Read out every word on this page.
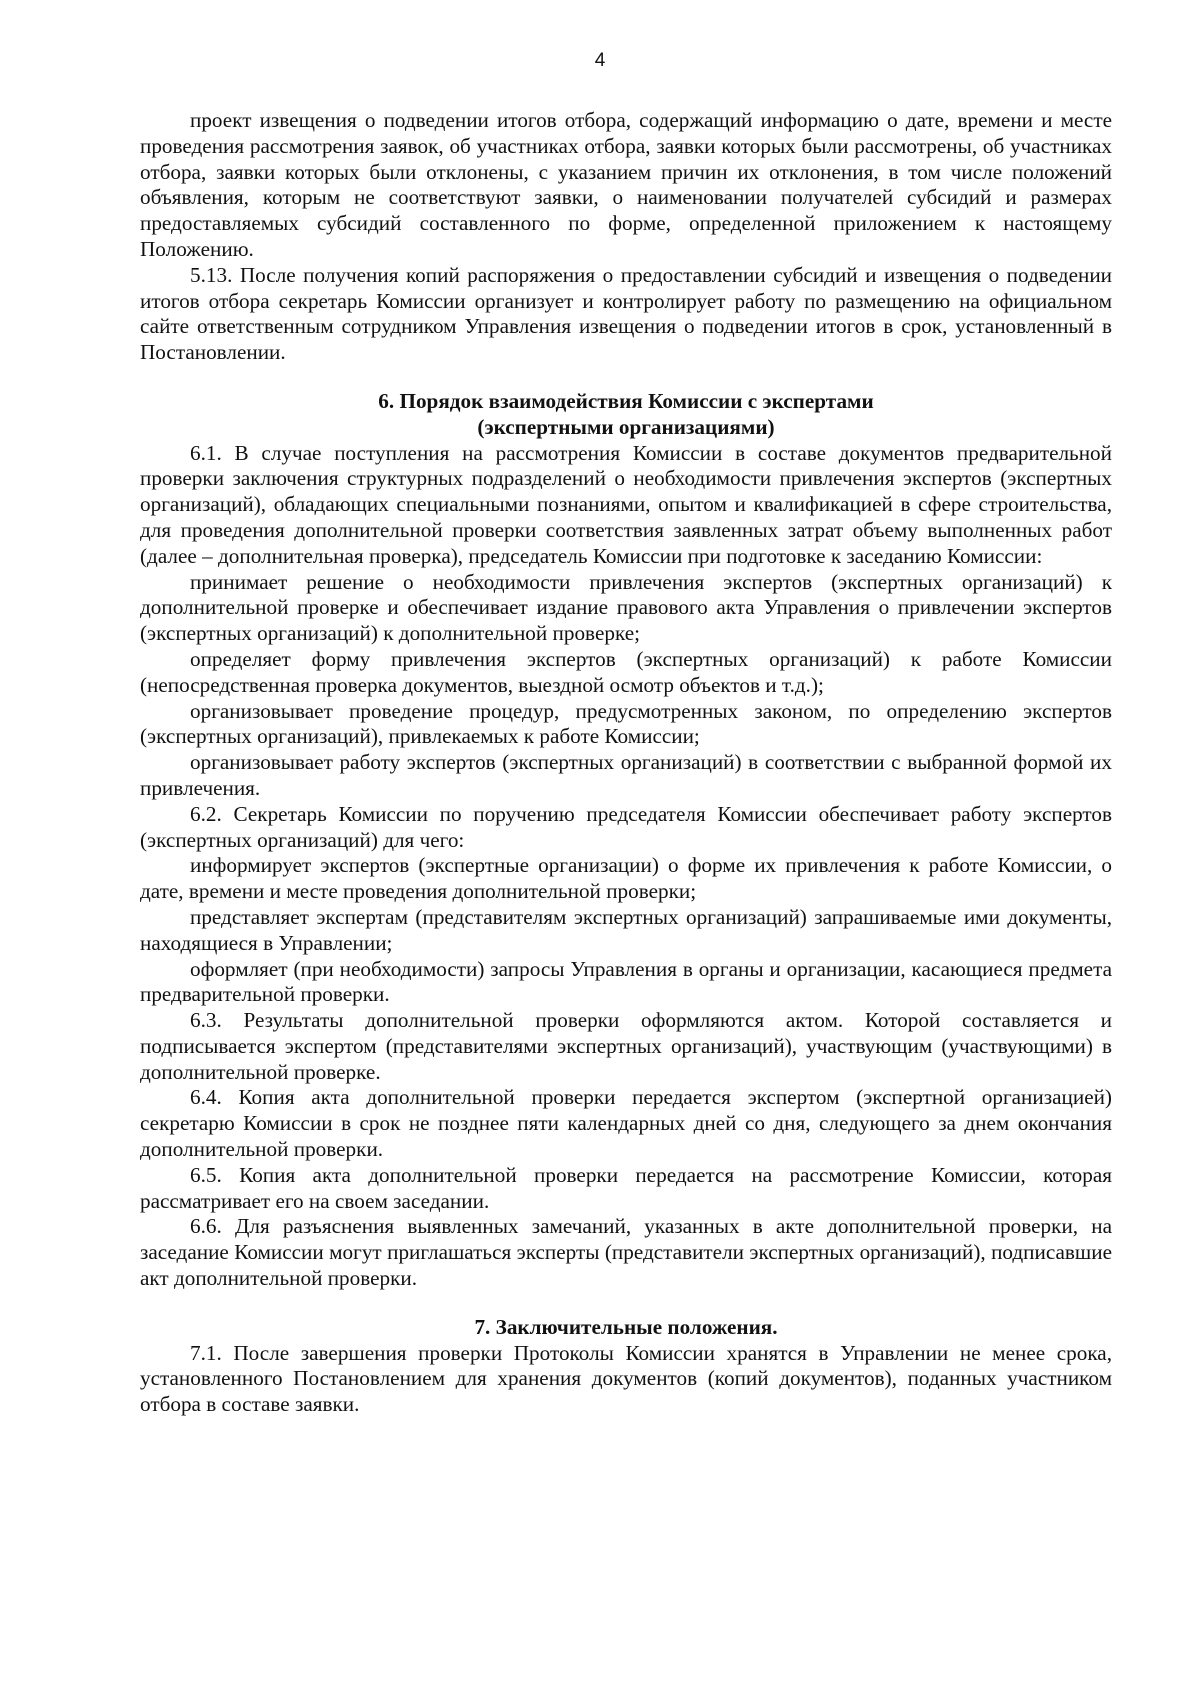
4

проект извещения о подведении итогов отбора, содержащий информацию о дате, времени и месте проведения рассмотрения заявок, об участниках отбора, заявки которых были рассмотрены, об участниках отбора, заявки которых были отклонены, с указанием причин их отклонения, в том числе положений объявления, которым не соответствуют заявки, о наименовании получателей субсидий и размерах предоставляемых субсидий составленного по форме, определенной приложением к настоящему Положению.

5.13. После получения копий распоряжения о предоставлении субсидий и извещения о подведении итогов отбора секретарь Комиссии организует и контролирует работу по размещению на официальном сайте ответственным сотрудником Управления извещения о подведении итогов в срок, установленный в Постановлении.

6. Порядок взаимодействия Комиссии с экспертами

(экспертными организациями)

6.1. В случае поступления на рассмотрения Комиссии в составе документов предварительной проверки заключения структурных подразделений о необходимости привлечения экспертов (экспертных организаций), обладающих специальными познаниями, опытом и квалификацией в сфере строительства, для проведения дополнительной проверки соответствия заявленных затрат объему выполненных работ (далее – дополнительная проверка), председатель Комиссии при подготовке к заседанию Комиссии:

принимает решение о необходимости привлечения экспертов (экспертных организаций) к дополнительной проверке и обеспечивает издание правового акта Управления о привлечении экспертов (экспертных организаций) к дополнительной проверке;

определяет форму привлечения экспертов (экспертных организаций) к работе Комиссии (непосредственная проверка документов, выездной осмотр объектов и т.д.);

организовывает проведение процедур, предусмотренных законом, по определению экспертов (экспертных организаций), привлекаемых к работе Комиссии;

организовывает работу экспертов (экспертных организаций) в соответствии с выбранной формой их привлечения.

6.2. Секретарь Комиссии по поручению председателя Комиссии обеспечивает работу экспертов (экспертных организаций) для чего:

информирует экспертов (экспертные организации) о форме их привлечения к работе Комиссии, о дате, времени и месте проведения дополнительной проверки;

представляет экспертам (представителям экспертных организаций) запрашиваемые ими документы, находящиеся в Управлении;

оформляет (при необходимости) запросы Управления в органы и организации, касающиеся предмета предварительной проверки.

6.3. Результаты дополнительной проверки оформляются актом. Которой составляется и подписывается экспертом (представителями экспертных организаций), участвующим (участвующими) в дополнительной проверке.

6.4. Копия акта дополнительной проверки передается экспертом (экспертной организацией) секретарю Комиссии в срок не позднее пяти календарных дней со дня, следующего за днем окончания дополнительной проверки.

6.5. Копия акта дополнительной проверки передается на рассмотрение Комиссии, которая рассматривает его на своем заседании.

6.6. Для разъяснения выявленных замечаний, указанных в акте дополнительной проверки, на заседание Комиссии могут приглашаться эксперты (представители экспертных организаций), подписавшие акт дополнительной проверки.

7. Заключительные положения.

7.1. После завершения проверки Протоколы Комиссии хранятся в Управлении не менее срока, установленного Постановлением для хранения документов (копий документов), поданных участником отбора в составе заявки.
